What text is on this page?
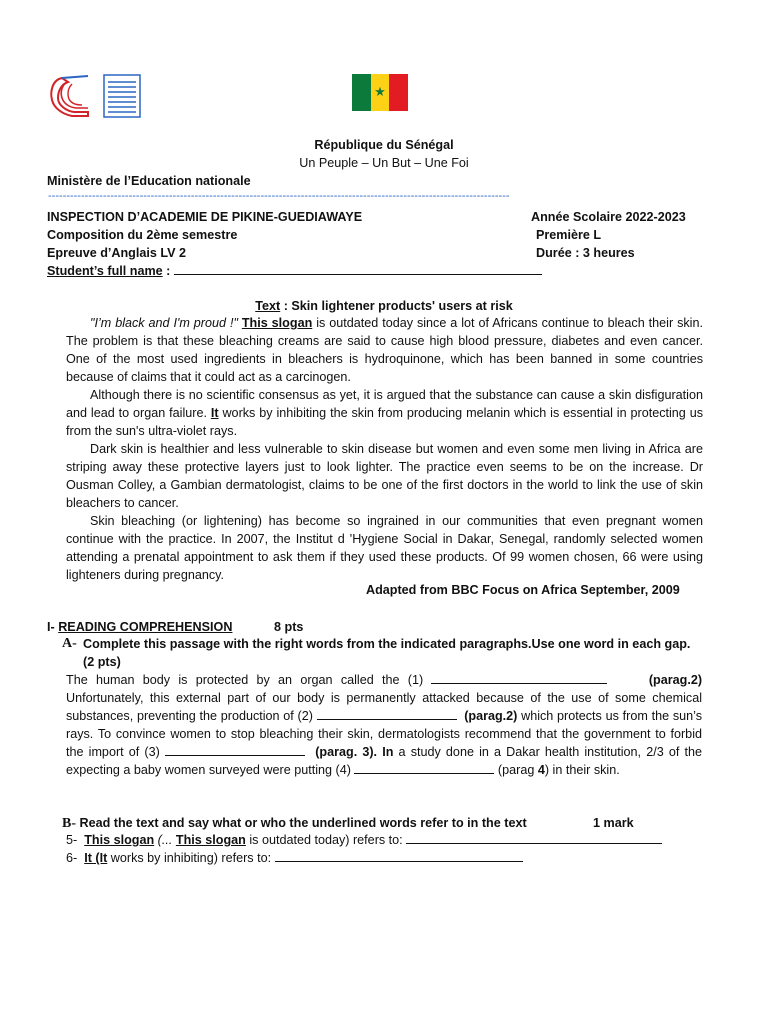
★
République du Sénégal
Un Peuple – Un But – Une Foi
Ministère de l’Education nationale
------------------------------------------------------------------------------------------------------------------------------
INSPECTION D’ACADEMIE DE PIKINE-GUEDIAWAYE	Année Scolaire 2022-2023
Composition du 2ème semestre	Première L
Epreuve d’Anglais LV 2	Durée : 3 heures
Student’s full name :
Text : Skin lightener products' users at risk

"I’m black and I'm proud !" This slogan is outdated today since a lot of Africans continue to bleach their skin. The problem is that these bleaching creams are said to cause high blood pressure, diabetes and even cancer. One of the most used ingredients in bleachers is hydroquinone, which has been banned in some countries because of claims that it could act as a carcinogen.

Although there is no scientific consensus as yet, it is argued that the substance can cause a skin disfiguration and lead to organ failure. It works by inhibiting the skin from producing melanin which is essential in protecting us from the sun's ultra-violet rays.

Dark skin is healthier and less vulnerable to skin disease but women and even some men living in Africa are striping away these protective layers just to look lighter. The practice even seems to be on the increase. Dr Ousman Colley, a Gambian dermatologist, claims to be one of the first doctors in the world to link the use of skin bleachers to cancer.

Skin bleaching (or lightening) has become so ingrained in our communities that even pregnant women continue with the practice. In 2007, the Institut d 'Hygiene Social in Dakar, Senegal, randomly selected women attending a prenatal appointment to ask them if they used these products. Of 99 women chosen, 66 were using lighteners during pregnancy.

Adapted from BBC Focus on Africa September, 2009
I- READING COMPREHENSION	8 pts
A- Complete this passage with the right words from the indicated paragraphs.Use one word in each gap. (2 pts)

The human body is protected by an organ called the (1)	(parag.2) Unfortunately, this external part of our body is permanently attacked because of the use of some chemical substances, preventing the production of (2)	(parag.2) which protects us from the sun’s rays. To convince women to stop bleaching their skin, dermatologists recommend that the government to forbid the import of (3)	(parag. 3). In a study done in a Dakar health institution, 2/3 of the expecting a baby women surveyed were putting (4)	(parag 4) in their skin.

B- Read the text and say what or who the underlined words refer to in the text	1 mark
5- This slogan (... This slogan is outdated today) refers to:
6- It (It works by inhibiting) refers to:
